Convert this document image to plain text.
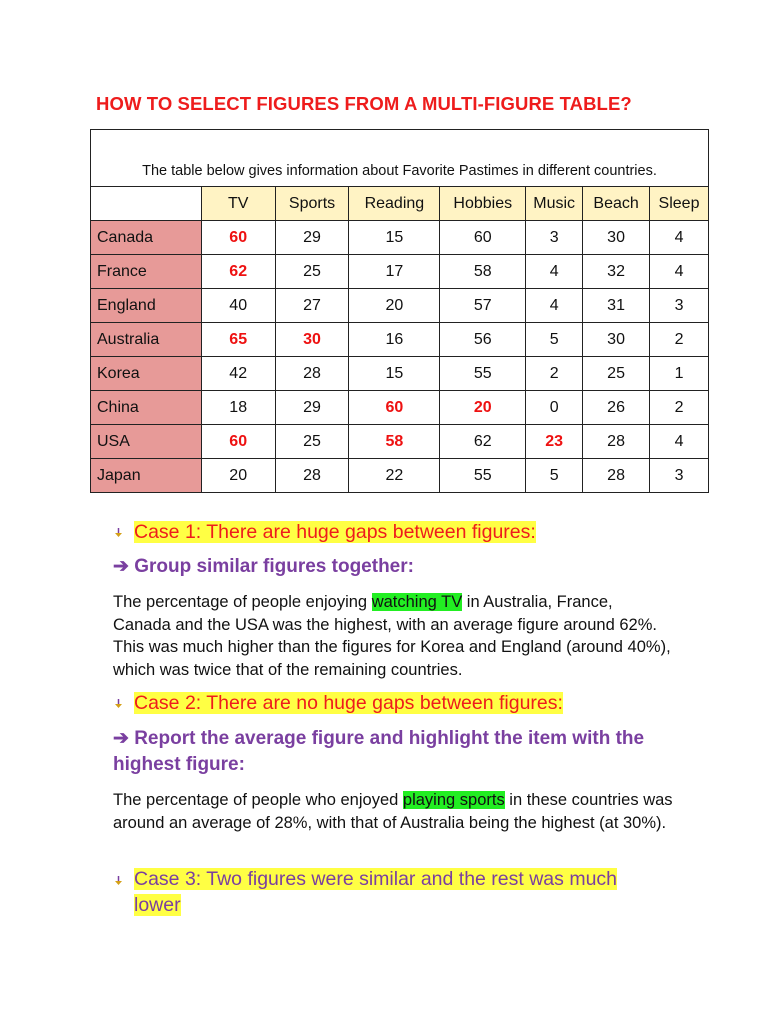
HOW TO SELECT FIGURES FROM A MULTI-FIGURE TABLE?
The table below gives information about Favorite Pastimes in different countries.							
	TV	Sports	Reading	Hobbies	Music	Beach	Sleep
Canada	60	29	15	60	3	30	4
France	62	25	17	58	4	32	4
England	40	27	20	57	4	31	3
Australia	65	30	16	56	5	30	2
Korea	42	28	15	55	2	25	1
China	18	29	60	20	0	26	2
USA	60	25	58	62	23	28	4
Japan	20	28	22	55	5	28	3
Case 1: There are huge gaps between figures:
➔ Group similar figures together:
The percentage of people enjoying watching TV in Australia, France, Canada and the USA was the highest, with an average figure around 62%. This was much higher than the figures for Korea and England (around 40%), which was twice that of the remaining countries.
Case 2: There are no huge gaps between figures:
➔ Report the average figure and highlight the item with the highest figure:
The percentage of people who enjoyed playing sports in these countries was around an average of 28%, with that of Australia being the highest (at 30%).
Case 3: Two figures were similar and the rest was much lower
